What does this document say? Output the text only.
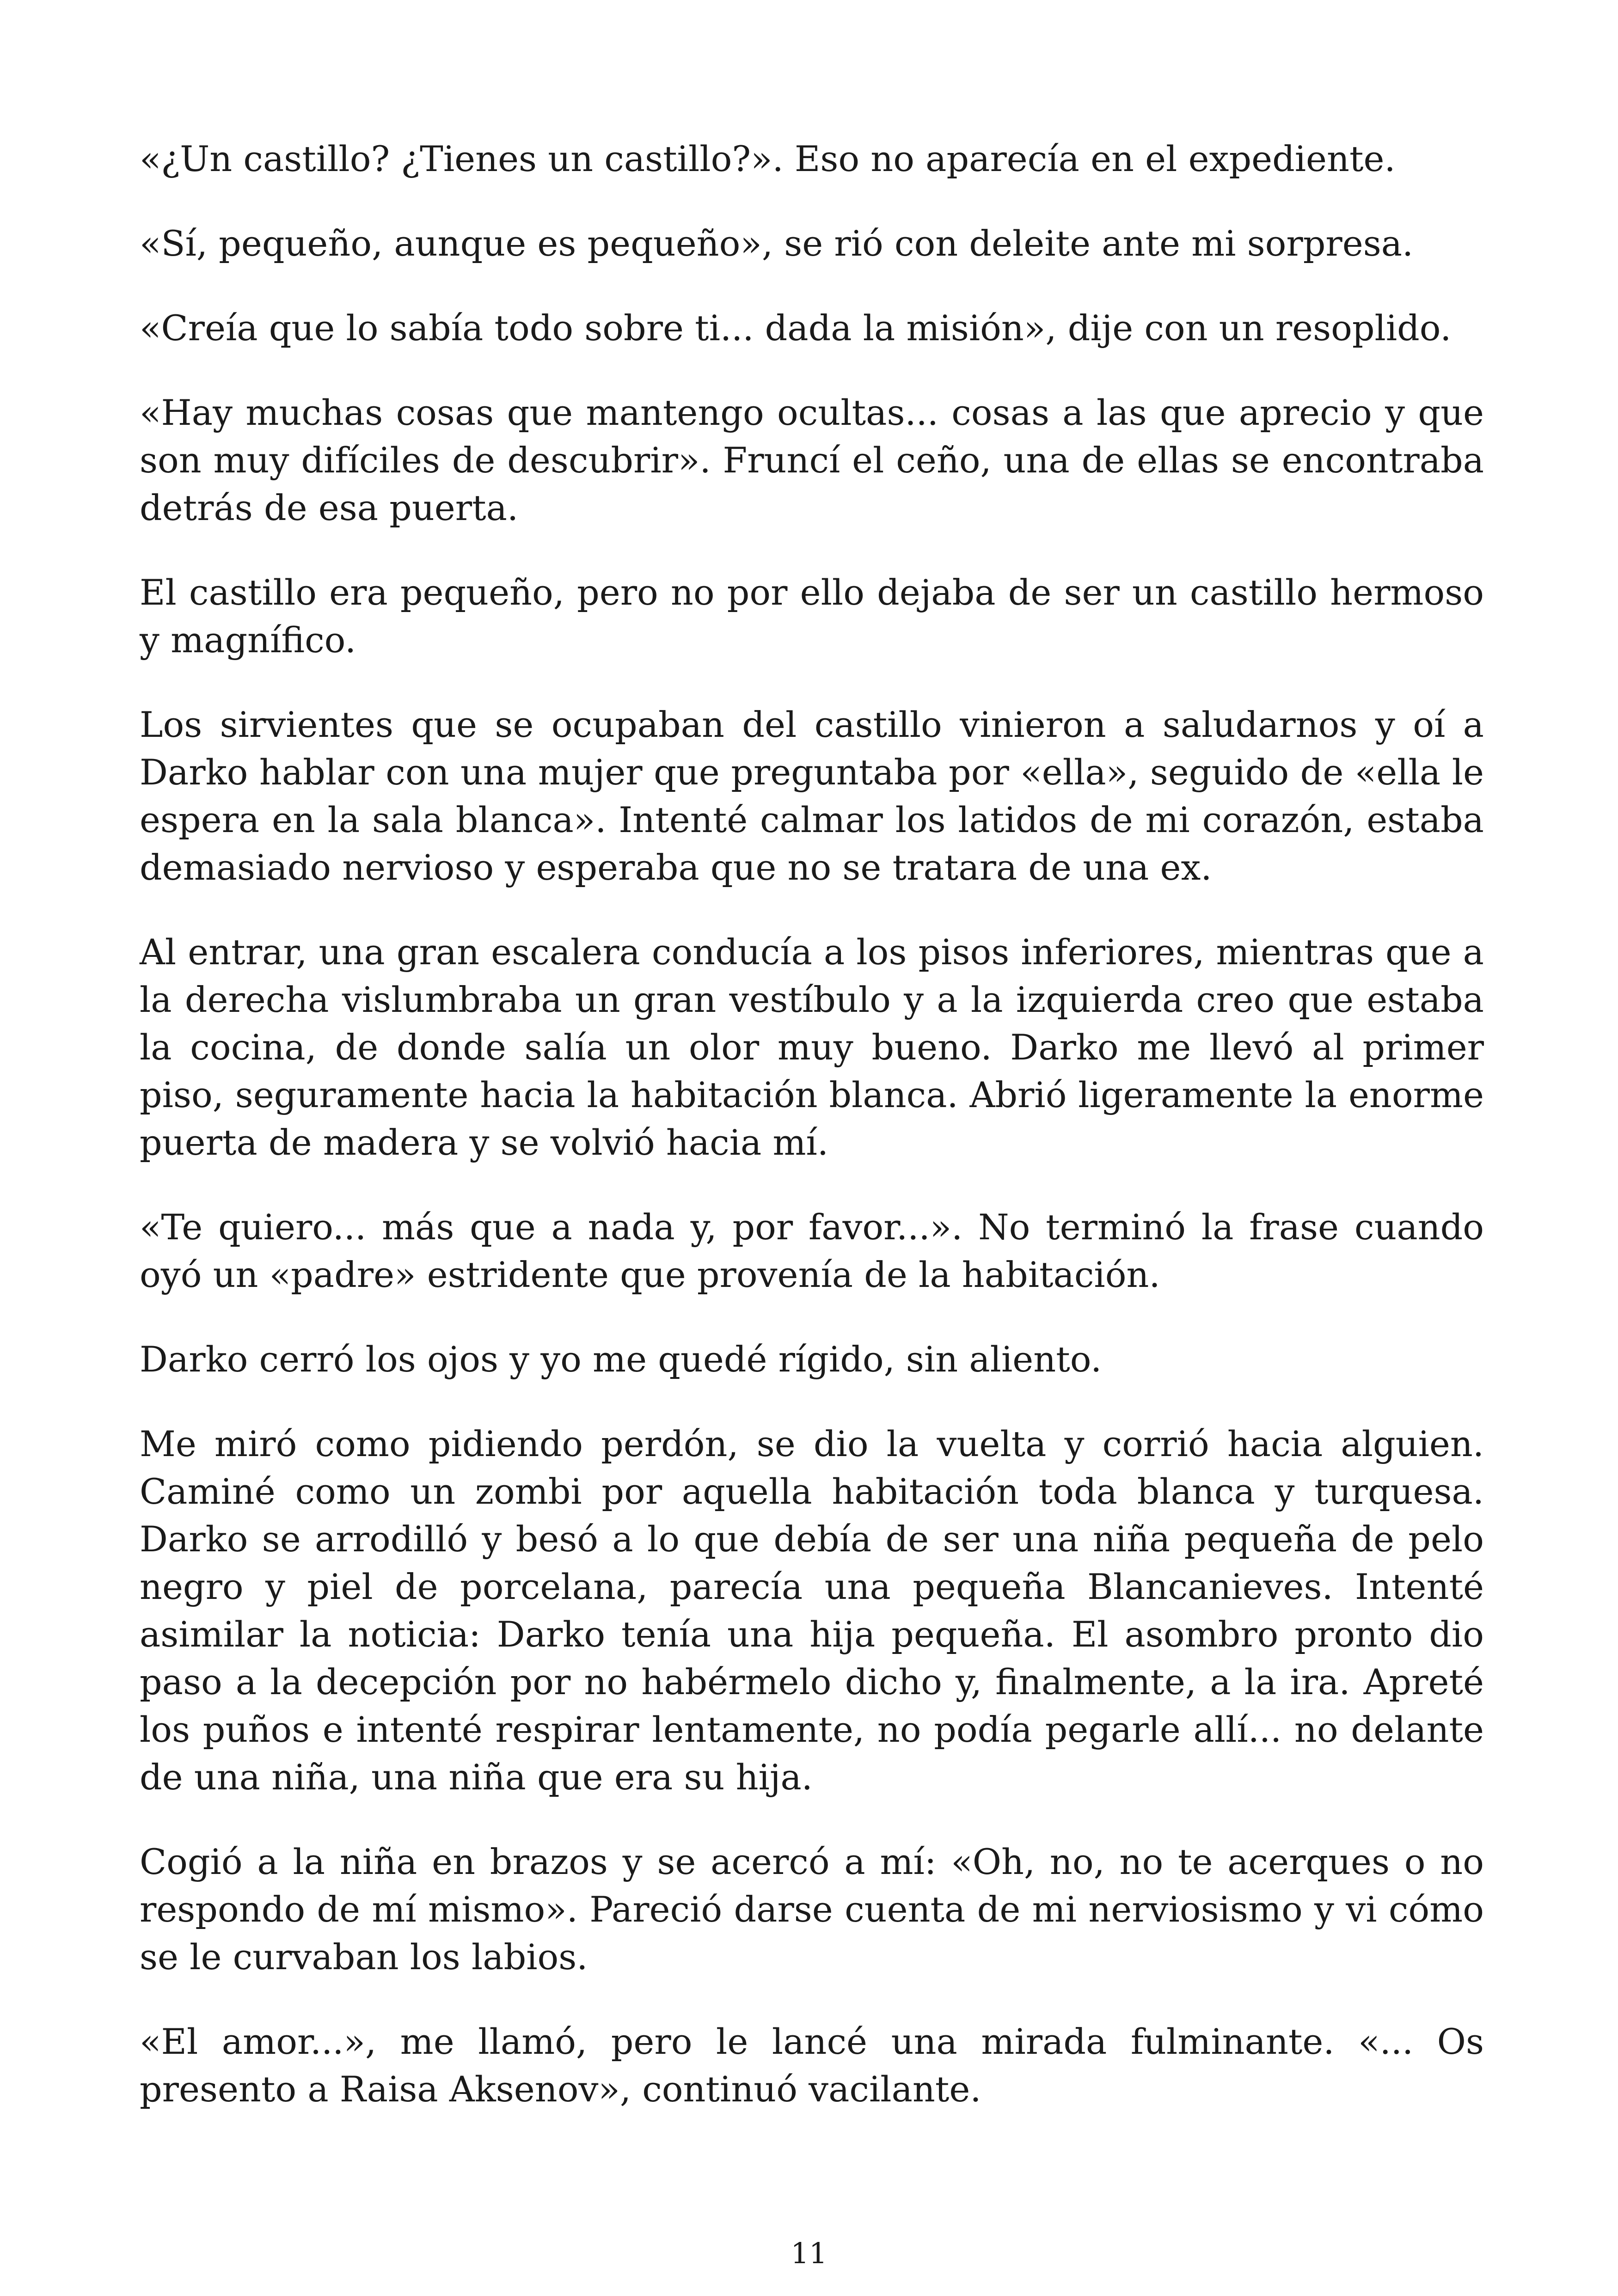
«¿Un castillo? ¿Tienes un castillo?». Eso no aparecía en el expediente.

«Sí, pequeño, aunque es pequeño», se rió con deleite ante mi sorpresa.

«Creía que lo sabía todo sobre ti... dada la misión», dije con un resoplido.

«Hay muchas cosas que mantengo ocultas... cosas a las que aprecio y que son muy difíciles de descubrir». Fruncí el ceño, una de ellas se encontraba detrás de esa puerta.

El castillo era pequeño, pero no por ello dejaba de ser un castillo hermoso y magnífico.

Los sirvientes que se ocupaban del castillo vinieron a saludarnos y oí a Darko hablar con una mujer que preguntaba por «ella», seguido de «ella le espera en la sala blanca». Intenté calmar los latidos de mi corazón, estaba demasiado nervioso y esperaba que no se tratara de una ex.

Al entrar, una gran escalera conducía a los pisos inferiores, mientras que a la derecha vislumbraba un gran vestíbulo y a la izquierda creo que estaba la cocina, de donde salía un olor muy bueno. Darko me llevó al primer piso, seguramente hacia la habitación blanca. Abrió ligeramente la enorme puerta de madera y se volvió hacia mí.

«Te quiero... más que a nada y, por favor...». No terminó la frase cuando oyó un «padre» estridente que provenía de la habitación.

Darko cerró los ojos y yo me quedé rígido, sin aliento.

Me miró como pidiendo perdón, se dio la vuelta y corrió hacia alguien. Caminé como un zombi por aquella habitación toda blanca y turquesa. Darko se arrodilló y besó a lo que debía de ser una niña pequeña de pelo negro y piel de porcelana, parecía una pequeña Blancanieves. Intenté asimilar la noticia: Darko tenía una hija pequeña. El asombro pronto dio paso a la decepción por no habérmelo dicho y, finalmente, a la ira. Apreté los puños e intenté respirar lentamente, no podía pegarle allí... no delante de una niña, una niña que era su hija.

Cogió a la niña en brazos y se acercó a mí: «Oh, no, no te acerques o no respondo de mí mismo». Pareció darse cuenta de mi nerviosismo y vi cómo se le curvaban los labios.

«El amor...», me llamó, pero le lancé una mirada fulminante. «... Os presento a Raisa Aksenov», continuó vacilante.

11
